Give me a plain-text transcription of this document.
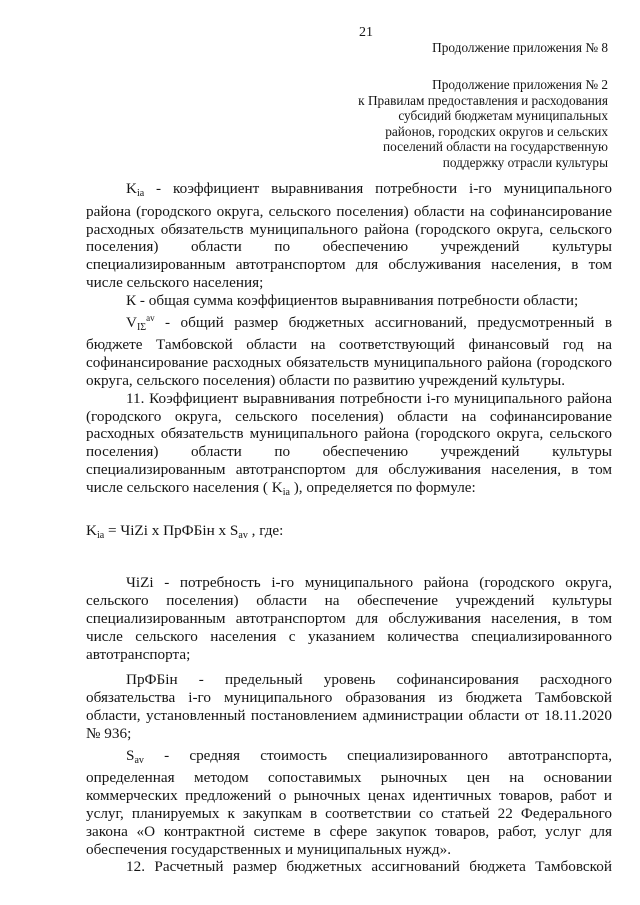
21
Продолжение приложения № 8
Продолжение приложения № 2
к Правилам предоставления и расходования
субсидий бюджетам муниципальных
районов, городских округов и сельских
поселений области на государственную
поддержку отрасли культуры
$K_{ia}$ - коэффициент выравнивания потребности i-го муниципального
района (городского округа, сельского поселения) области на софинансирование
расходных обязательств муниципального района (городского округа, сельского
поселения) области по обеспечению учреждений культуры
специализированным автотранспортом для обслуживания населения, в том
числе сельского населения;
К - общая сумма коэффициентов выравнивания потребности области;
$V_{I\Sigma}^{av}$ - общий размер бюджетных ассигнований, предусмотренный в
бюджете Тамбовской области на соответствующий финансовый год на
софинансирование расходных обязательств муниципального района (городского
округа, сельского поселения) области по развитию учреждений культуры.
11. Коэффициент выравнивания потребности i-го муниципального района
(городского округа, сельского поселения) области на софинансирование
расходных обязательств муниципального района (городского округа, сельского
поселения) области по обеспечению учреждений культуры
специализированным автотранспортом для обслуживания населения, в том
числе сельского населения ( $K_{ia}$ ), определяется по формуле:
$K_{ia}$ = ЧiZi x ПрФБiн x $S_{av}$ , где:
ЧiZi - потребность i-го муниципального района (городского округа,
сельского поселения) области на обеспечение учреждений культуры
специализированным автотранспортом для обслуживания населения, в том
числе сельского населения с указанием количества специализированного
автотранспорта;
ПрФБiн - предельный уровень софинансирования расходного
обязательства i-го муниципального образования из бюджета Тамбовской
области, установленный постановлением администрации области от 18.11.2020
№ 936;
$S_{av}$ - средняя стоимость специализированного автотранспорта,
определенная методом сопоставимых рыночных цен на основании
коммерческих предложений о рыночных ценах идентичных товаров, работ и
услуг, планируемых к закупкам в соответствии со статьей 22 Федерального
закона «О контрактной системе в сфере закупок товаров, работ, услуг для
обеспечения государственных и муниципальных нужд».
12. Расчетный размер бюджетных ассигнований бюджета Тамбовской
